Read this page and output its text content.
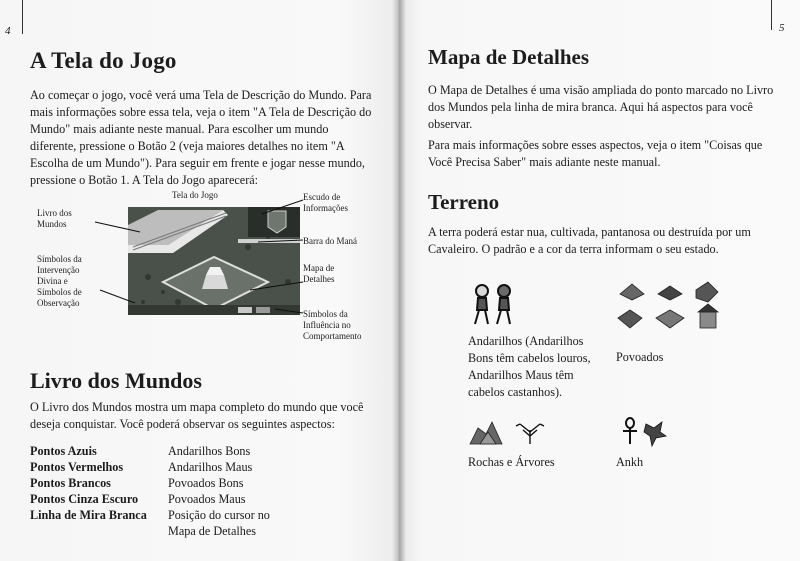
4
A Tela do Jogo

Ao começar o jogo, você verá uma Tela de Descrição do Mundo. Para mais informações sobre essa tela, veja o item "A Tela de Descrição do Mundo" mais adiante neste manual. Para escolher um mundo diferente, pressione o Botão 2 (veja maiores detalhes no item "A Escolha de um Mundo"). Para seguir em frente e jogar nesse mundo, pressione o Botão 1. A Tela do Jogo aparecerá:

Tela do Jogo

Livro dos Mundos

Símbolos da Intervenção Divina e Símbolos de Observação

Escudo de Informações

Barra do Maná

Mapa de Detalhes

Símbolos da Influência no Comportamento

Livro dos Mundos

O Livro dos Mundos mostra um mapa completo do mundo que você deseja conquistar. Você poderá observar os seguintes aspectos:

Pontos Azuis	Andarilhos Bons
Pontos Vermelhos	Andarilhos Maus
Pontos Brancos	Povoados Bons
Pontos Cinza Escuro	Povoados Maus
Linha de Mira Branca	Posição do cursor no Mapa de Detalhes
5
Mapa de Detalhes

O Mapa de Detalhes é uma visão ampliada do ponto marcado no Livro dos Mundos pela linha de mira branca. Aqui há aspectos para você observar.

Para mais informações sobre esses aspectos, veja o item "Coisas que Você Precisa Saber" mais adiante neste manual.

Terreno

A terra poderá estar nua, cultivada, pantanosa ou destruída por um Cavaleiro. O padrão e a cor da terra informam o seu estado.

Andarilhos (Andarilhos Bons têm cabelos louros, Andarilhos Maus têm cabelos castanhos).

Povoados

Rochas e Árvores	Ankh
